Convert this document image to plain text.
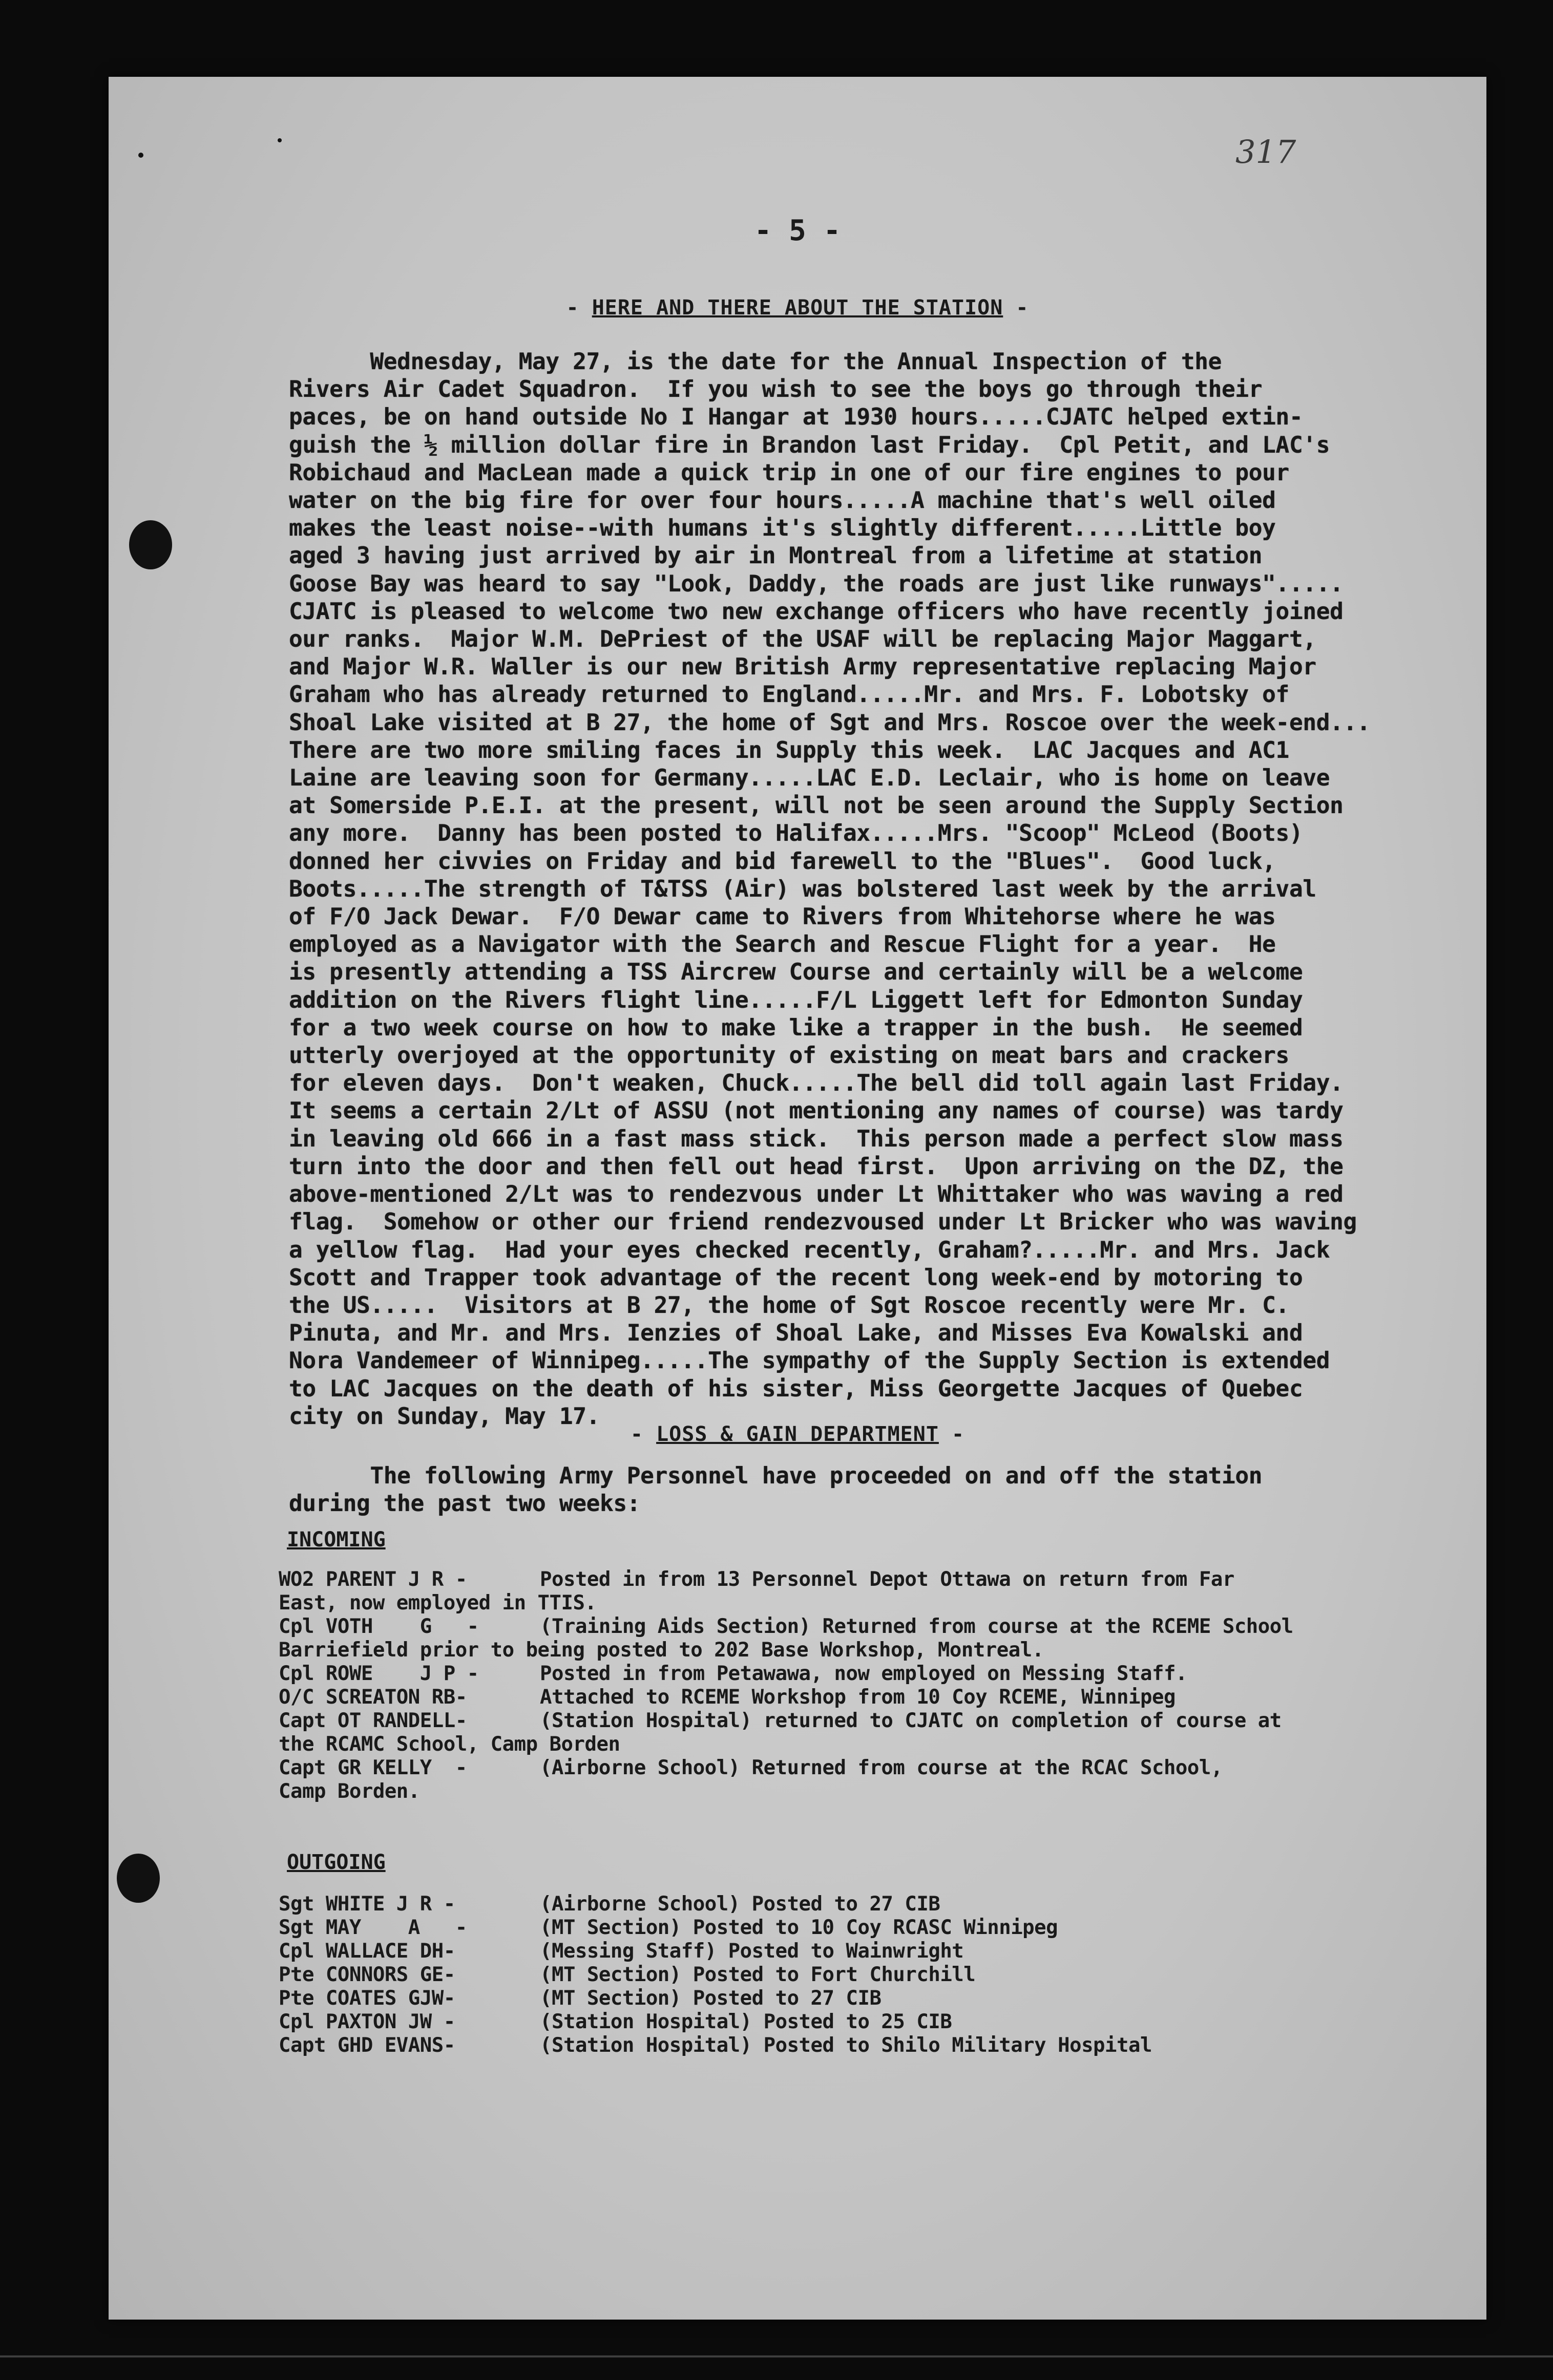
317
- 5 -
- HERE AND THERE ABOUT THE STATION -
Wednesday, May 27, is the date for the Annual Inspection of the
Rivers Air Cadet Squadron.  If you wish to see the boys go through their
paces, be on hand outside No I Hangar at 1930 hours.....CJATC helped extin-
guish the ½ million dollar fire in Brandon last Friday.  Cpl Petit, and LAC's
Robichaud and MacLean made a quick trip in one of our fire engines to pour
water on the big fire for over four hours.....A machine that's well oiled
makes the least noise--with humans it's slightly different.....Little boy
aged 3 having just arrived by air in Montreal from a lifetime at station
Goose Bay was heard to say "Look, Daddy, the roads are just like runways".....
CJATC is pleased to welcome two new exchange officers who have recently joined
our ranks.  Major W.M. DePriest of the USAF will be replacing Major Maggart,
and Major W.R. Waller is our new British Army representative replacing Major
Graham who has already returned to England.....Mr. and Mrs. F. Lobotsky of
Shoal Lake visited at B 27, the home of Sgt and Mrs. Roscoe over the week-end...
There are two more smiling faces in Supply this week.  LAC Jacques and AC1
Laine are leaving soon for Germany.....LAC E.D. Leclair, who is home on leave
at Somerside P.E.I. at the present, will not be seen around the Supply Section
any more.  Danny has been posted to Halifax.....Mrs. "Scoop" McLeod (Boots)
donned her civvies on Friday and bid farewell to the "Blues".  Good luck,
Boots.....The strength of T&TSS (Air) was bolstered last week by the arrival
of F/O Jack Dewar.  F/O Dewar came to Rivers from Whitehorse where he was
employed as a Navigator with the Search and Rescue Flight for a year.  He
is presently attending a TSS Aircrew Course and certainly will be a welcome
addition on the Rivers flight line.....F/L Liggett left for Edmonton Sunday
for a two week course on how to make like a trapper in the bush.  He seemed
utterly overjoyed at the opportunity of existing on meat bars and crackers
for eleven days.  Don't weaken, Chuck.....The bell did toll again last Friday.
It seems a certain 2/Lt of ASSU (not mentioning any names of course) was tardy
in leaving old 666 in a fast mass stick.  This person made a perfect slow mass
turn into the door and then fell out head first.  Upon arriving on the DZ, the
above-mentioned 2/Lt was to rendezvous under Lt Whittaker who was waving a red
flag.  Somehow or other our friend rendezvoused under Lt Bricker who was waving
a yellow flag.  Had your eyes checked recently, Graham?.....Mr. and Mrs. Jack
Scott and Trapper took advantage of the recent long week-end by motoring to
the US.....  Visitors at B 27, the home of Sgt Roscoe recently were Mr. C.
Pinuta, and Mr. and Mrs. Ienzies of Shoal Lake, and Misses Eva Kowalski and
Nora Vandemeer of Winnipeg.....The sympathy of the Supply Section is extended
to LAC Jacques on the death of his sister, Miss Georgette Jacques of Quebec
city on Sunday, May 17.
- LOSS & GAIN DEPARTMENT -
The following Army Personnel have proceeded on and off the station
during the past two weeks:
INCOMING
WO2 PARENT J R -	Posted in from 13 Personnel Depot Ottawa on return from Far
East, now employed in TTIS.
Cpl VOTH    G   -	(Training Aids Section) Returned from course at the RCEME School
Barriefield prior to being posted to 202 Base Workshop, Montreal.
Cpl ROWE    J P -	Posted in from Petawawa, now employed on Messing Staff.
O/C SCREATON RB-	Attached to RCEME Workshop from 10 Coy RCEME, Winnipeg
Capt OT RANDELL-	(Station Hospital) returned to CJATC on completion of course at
the RCAMC School, Camp Borden
Capt GR KELLY  -	(Airborne School) Returned from course at the RCAC School,
Camp Borden.
OUTGOING
Sgt WHITE J R -	(Airborne School) Posted to 27 CIB
Sgt MAY    A   -	(MT Section) Posted to 10 Coy RCASC Winnipeg
Cpl WALLACE DH-	(Messing Staff) Posted to Wainwright
Pte CONNORS GE-	(MT Section) Posted to Fort Churchill
Pte COATES GJW-	(MT Section) Posted to 27 CIB
Cpl PAXTON JW -	(Station Hospital) Posted to 25 CIB
Capt GHD EVANS-	(Station Hospital) Posted to Shilo Military Hospital
